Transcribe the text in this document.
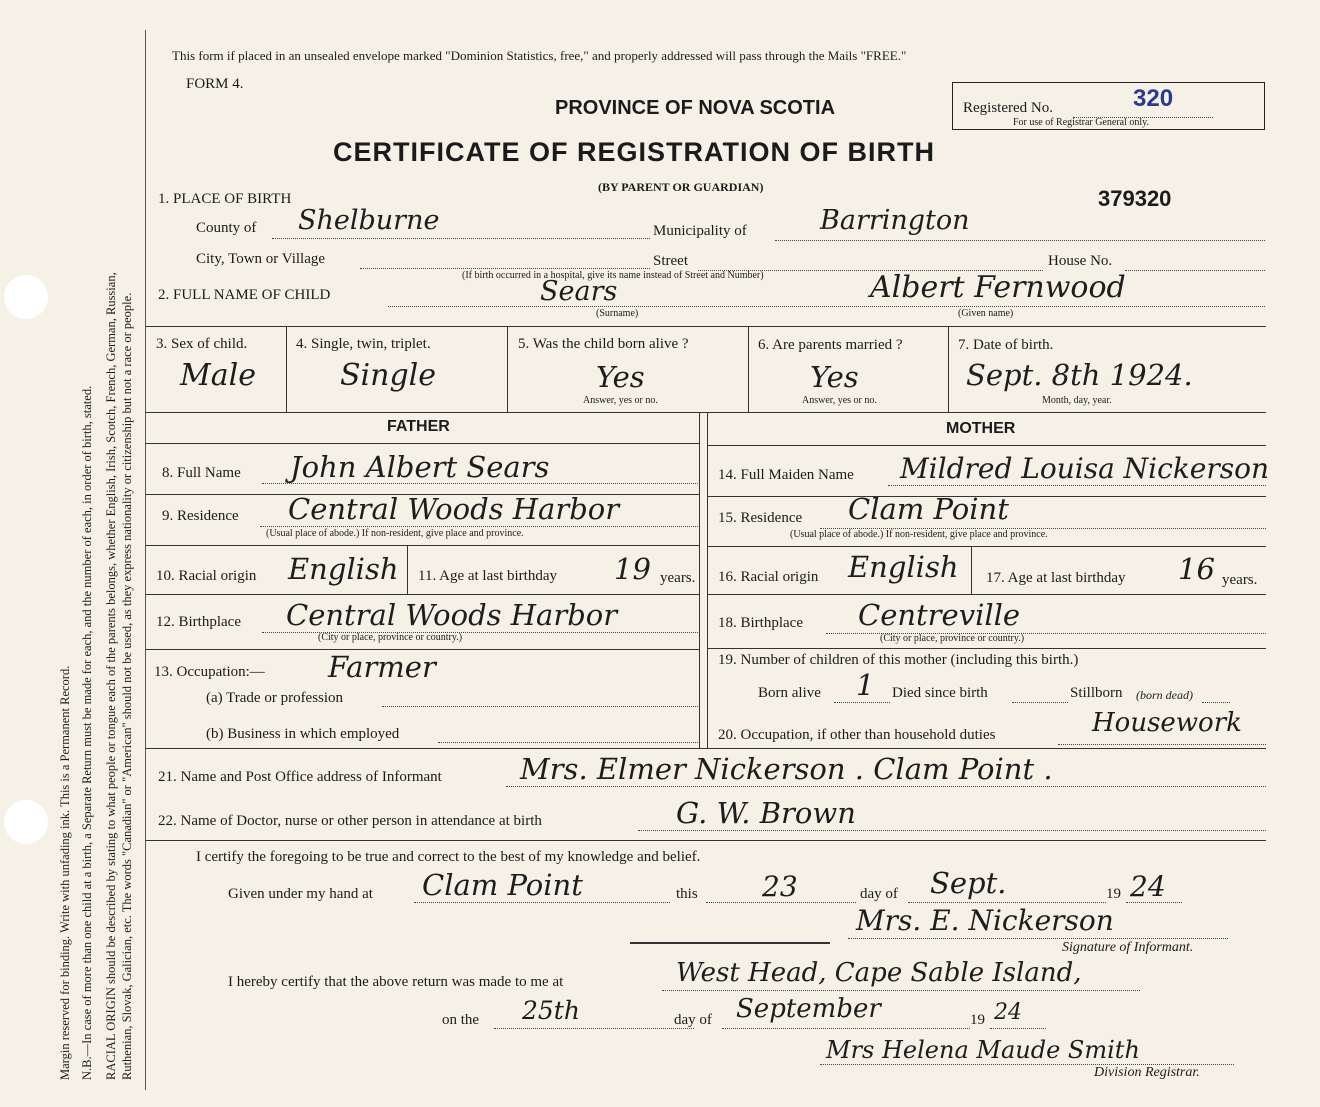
Margin reserved for binding. Write with unfading ink. This is a Permanent Record. N.B.—In case of more than one child at a birth, a Separate Return must be made for each, and the number of each, in order of birth, stated. RACIAL ORIGIN should be described by stating to what people or tongue each of the parents belongs, whether English, Irish, Scotch, French, German, Russian, Ruthenian, Slovak, Galician, etc. The words "Canadian" or "American" should not be used, as they express nationality or citizenship but not a race or people.
This form if placed in an unsealed envelope marked "Dominion Statistics, free," and properly addressed will pass through the Mails "FREE."
FORM 4.
PROVINCE OF NOVA SCOTIA
CERTIFICATE OF REGISTRATION OF BIRTH
(BY PARENT OR GUARDIAN)
Registered No.	320
For use of Registrar General only.
379320
1. PLACE OF BIRTH
County of Shelburne	Municipality of	Barrington
City, Town or Village	Street	House No.
(If birth occurred in a hospital, give its name instead of Street and Number)
2. FULL NAME OF CHILD	Sears
(Surname)
Albert Fernwood
(Given name)
3. Sex of child.
Male
4. Single, twin, triplet.
Single
5. Was the child born alive ?
Yes
Answer, yes or no.
6. Are parents married ?
Yes
Answer, yes or no.
7. Date of birth.
Sept. 8th 1924.
Month, day, year.
FATHER	MOTHER
8. Full Name John Albert Sears
9. Residence Central Woods Harbor
(Usual place of abode.) If non-resident, give place and province.
10. Racial origin English 11. Age at last birthday 19 years.
12. Birthplace Central Woods Harbor
(City or place, province or country.)
13. Occupation:— Farmer
(a) Trade or profession
(b) Business in which employed
14. Full Maiden Name Mildred Louisa Nickerson
15. Residence Clam Point
(Usual place of abode.) If non-resident, give place and province.
16. Racial origin English 17. Age at last birthday 16 years.
18. Birthplace Centreville
(City or place, province or country.)
19. Number of children of this mother (including this birth.)
Born alive 1 Died since birth	Stillborn (born dead)
20. Occupation, if other than household duties	Housework
21. Name and Post Office address of Informant	Mrs. Elmer Nickerson . Clam Point .
22. Name of Doctor, nurse or other person in attendance at birth	G. W. Brown
I certify the foregoing to be true and correct to the best of my knowledge and belief.
Given under my hand at Clam Point	this 23	day of Sept.	19 24
Mrs. E. Nickerson
Signature of Informant.
I hereby certify that the above return was made to me at	West Head, Cape Sable Island,
on the 25th	day of September	19 24
Mrs Helena Maude Smith
Division Registrar.
